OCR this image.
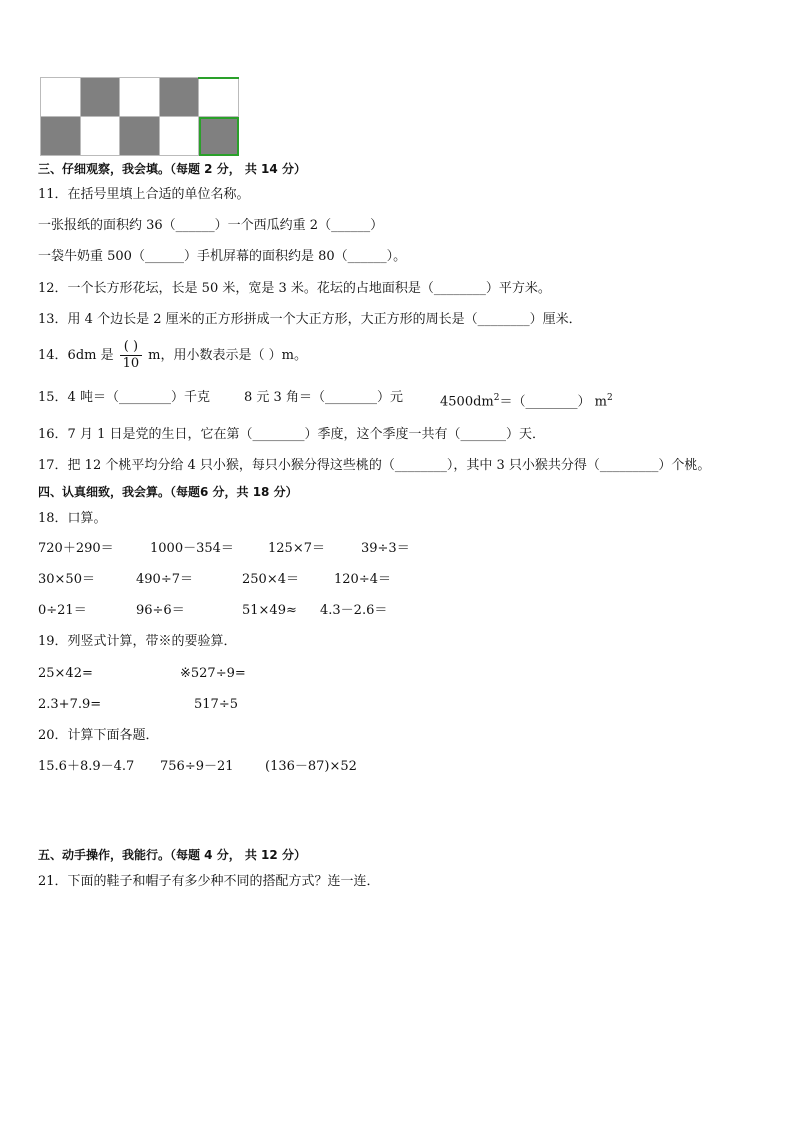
三、仔细观察，我会填。（每题 2 分， 共 14 分）
11．在括号里填上合适的单位名称。
一张报纸的面积约 36（______）一个西瓜约重 2（______）
一袋牛奶重 500（______）手机屏幕的面积约是 80（______）。
12．一个长方形花坛，长是 50 米，宽是 3 米。花坛的占地面积是（________）平方米。
13．用 4 个边长是 2 厘米的正方形拼成一个大正方形，大正方形的周长是（________）厘米．
14．6dm 是 $\frac{( )}{10}$ m，用小数表示是（ ）m。
15．4 吨＝（________）千克	8 元 3 角＝（________）元	$4500dm^2=(\_\_\_\_\_\_\_\_)$ $m^2$
16．7 月 1 日是党的生日，它在第（________）季度，这个季度一共有（_______）天．
17．把 12 个桃平均分给 4 只小猴，每只小猴分得这些桃的（________），其中 3 只小猴共分得（_________）个桃。
四、认真细致，我会算。（每题6 分，共 18 分）
18．口算。
720＋290＝	1000－354＝	125×7＝	39÷3＝
30×50＝	490÷7＝	250×4＝	120÷4＝
0÷21＝	96÷6＝	51×49≈ 4.3－2.6＝
19．列竖式计算，带※的要验算．
25×42=	※527÷9=
2.3+7.9=	517÷5
20．计算下面各题．
15.6＋8.9－4.7 756÷9－21 (136－87)×52
五、动手操作，我能行。（每题 4 分， 共 12 分）
21．下面的鞋子和帽子有多少种不同的搭配方式？连一连．
